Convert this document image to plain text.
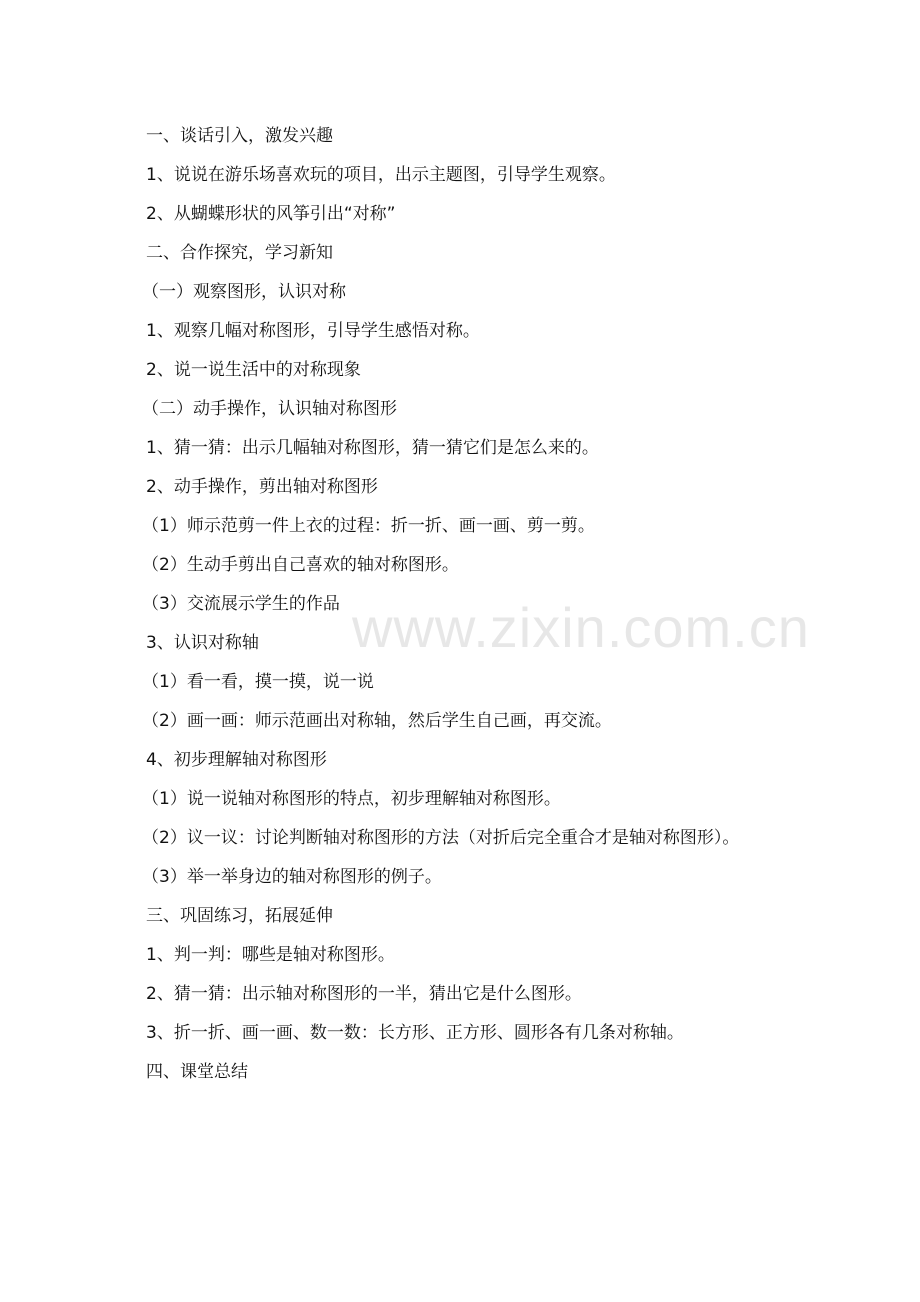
一、谈话引入，激发兴趣

1、说说在游乐场喜欢玩的项目，出示主题图，引导学生观察。

2、从蝴蝶形状的风筝引出“对称”

二、合作探究，学习新知

（一）观察图形，认识对称

1、观察几幅对称图形，引导学生感悟对称。

2、说一说生活中的对称现象

（二）动手操作，认识轴对称图形

1、猜一猜：出示几幅轴对称图形，猜一猜它们是怎么来的。

2、动手操作，剪出轴对称图形

（1）师示范剪一件上衣的过程：折一折、画一画、剪一剪。

（2）生动手剪出自己喜欢的轴对称图形。

（3）交流展示学生的作品

3、认识对称轴

（1）看一看，摸一摸，说一说

（2）画一画：师示范画出对称轴，然后学生自己画，再交流。

4、初步理解轴对称图形

（1）说一说轴对称图形的特点，初步理解轴对称图形。

（2）议一议：讨论判断轴对称图形的方法（对折后完全重合才是轴对称图形）。

（3）举一举身边的轴对称图形的例子。

三、巩固练习，拓展延伸

1、判一判：哪些是轴对称图形。

2、猜一猜：出示轴对称图形的一半，猜出它是什么图形。

3、折一折、画一画、数一数：长方形、正方形、圆形各有几条对称轴。

四、课堂总结

www.zixin.com.cn
